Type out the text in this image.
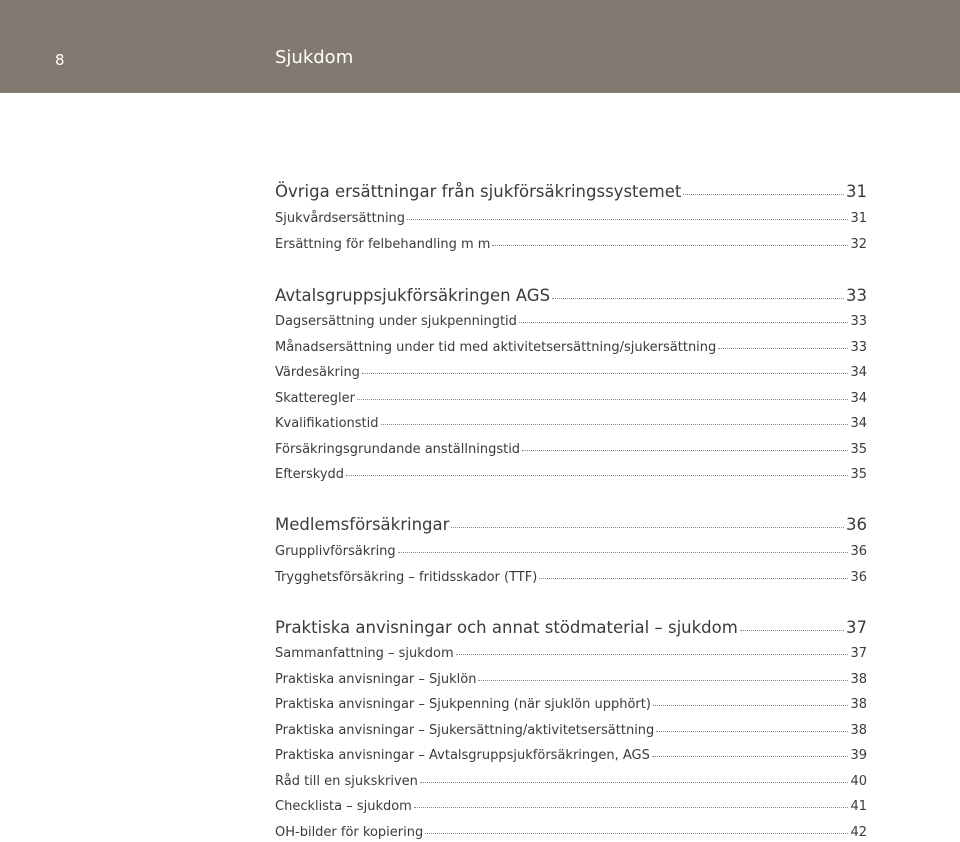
8	Sjukdom
Övriga ersättningar från sjukförsäkringssystemet	31
Sjukvårdsersättning	31
Ersättning för felbehandling m m	32
Avtalsgruppsjukförsäkringen AGS	33
Dagsersättning under sjukpenningtid	33
Månadsersättning under tid med aktivitetsersättning/sjukersättning	33
Värdesäkring	34
Skatteregler	34
Kvalifikationstid	34
Försäkringsgrundande anställningstid	35
Efterskydd	35
Medlemsförsäkringar	36
Grupplivförsäkring	36
Trygghetsförsäkring – fritidsskador (TTF)	36
Praktiska anvisningar och annat stödmaterial – sjukdom	37
Sammanfattning – sjukdom	37
Praktiska anvisningar – Sjuklön	38
Praktiska anvisningar – Sjukpenning (när sjuklön upphört)	38
Praktiska anvisningar – Sjukersättning/aktivitetsersättning	38
Praktiska anvisningar – Avtalsgruppsjukförsäkringen, AGS	39
Råd till en sjukskriven	40
Checklista – sjukdom	41
OH-bilder för kopiering	42
